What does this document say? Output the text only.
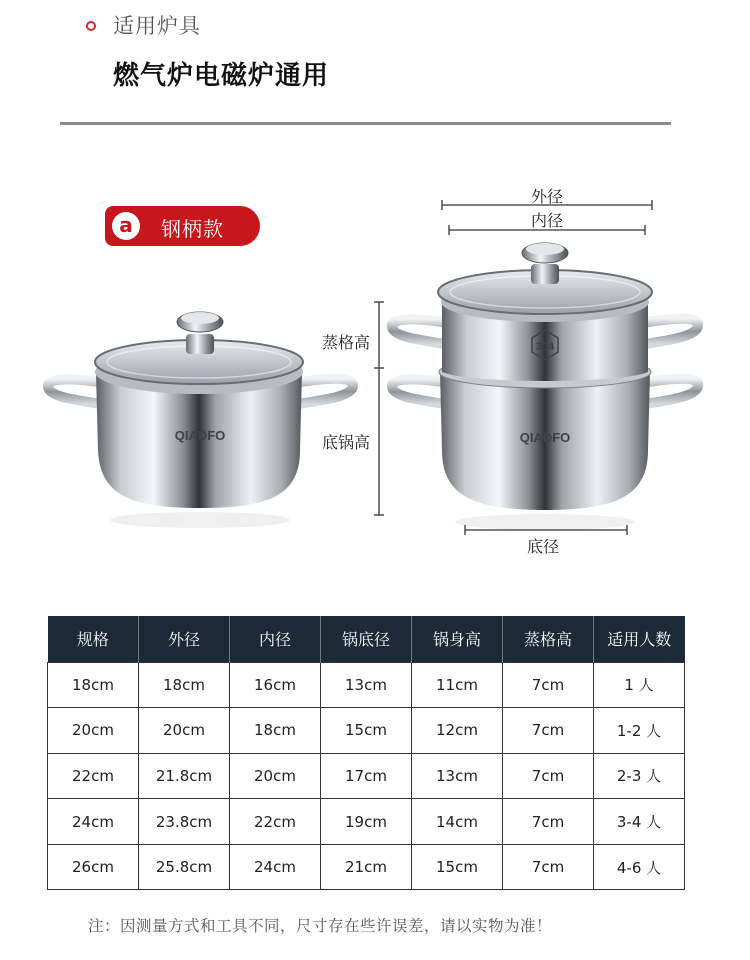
适用炉具
燃气炉电磁炉通用
a	钢柄款
QIADFO
304
QIADFO
外径
内径
蒸格高
底锅高
底径
规格	外径	内径	锅底径	锅身高	蒸格高	适用人数
18cm	18cm	16cm	13cm	11cm	7cm	1 人
20cm	20cm	18cm	15cm	12cm	7cm	1-2 人
22cm	21.8cm	20cm	17cm	13cm	7cm	2-3 人
24cm	23.8cm	22cm	19cm	14cm	7cm	3-4 人
26cm	25.8cm	24cm	21cm	15cm	7cm	4-6 人
注：因测量方式和工具不同，尺寸存在些许误差，请以实物为准！
